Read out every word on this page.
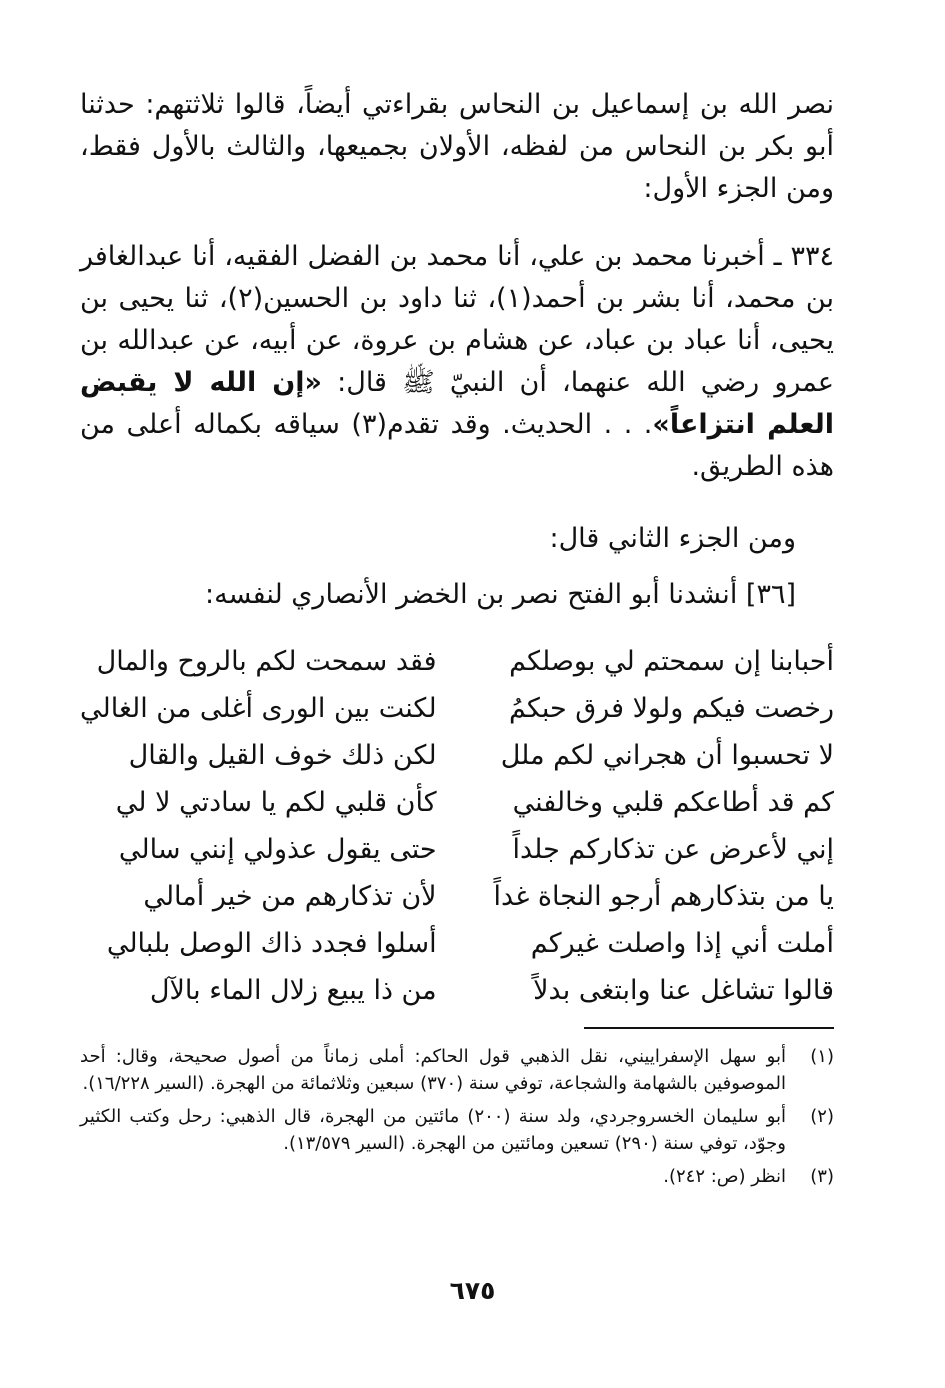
نصر الله بن إسماعيل بن النحاس بقراءتي أيضاً، قالوا ثلاثتهم: حدثنا أبو بكر بن النحاس من لفظه، الأولان بجميعها، والثالث بالأول فقط، ومن الجزء الأول:

٣٣٤ ـ أخبرنا محمد بن علي، أنا محمد بن الفضل الفقيه، أنا عبدالغافر بن محمد، أنا بشر بن أحمد(١)، ثنا داود بن الحسين(٢)، ثنا يحيى بن يحيى، أنا عباد بن عباد، عن هشام بن عروة، عن أبيه، عن عبدالله بن عمرو رضي الله عنهما، أن النبيّ ﷺ قال: «إن الله لا يقبض العلم انتزاعاً». . . الحديث. وقد تقدم(٣) سياقه بكماله أعلى من هذه الطريق.

ومن الجزء الثاني قال:
[٣٦] أنشدنا أبو الفتح نصر بن الخضر الأنصاري لنفسه:
أحبابنا إن سمحتم لي بوصلكم
فقد سمحت لكم بالروح والمال
رخصت فيكم ولولا فرق حبكمُ
لكنت بين الورى أغلى من الغالي
لا تحسبوا أن هجراني لكم ملل
لكن ذلك خوف القيل والقال
كم قد أطاعكم قلبي وخالفني
كأن قلبي لكم يا سادتي لا لي
إني لأعرض عن تذكاركم جلداً
حتى يقول عذولي إنني سالي
يا من بتذكارهم أرجو النجاة غداً
لأن تذكارهم من خير أمالي
أملت أني إذا واصلت غيركم
أسلوا فجدد ذاك الوصل بلبالي
قالوا تشاغل عنا وابتغى بدلاً
من ذا يبيع زلال الماء بالآل
(١)
أبو سهل الإسفراييني، نقل الذهبي قول الحاكم: أملى زماناً من أصول صحيحة، وقال: أحد الموصوفين بالشهامة والشجاعة، توفي سنة (٣٧٠) سبعين وثلاثمائة من الهجرة. (السير ١٦/٢٢٨).
(٢)
أبو سليمان الخسروجردي، ولد سنة (٢٠٠) مائتين من الهجرة، قال الذهبي: رحل وكتب الكثير وجوّد، توفي سنة (٢٩٠) تسعين ومائتين من الهجرة. (السير ١٣/٥٧٩).
(٣)
انظر (ص: ٢٤٢).
٦٧٥
